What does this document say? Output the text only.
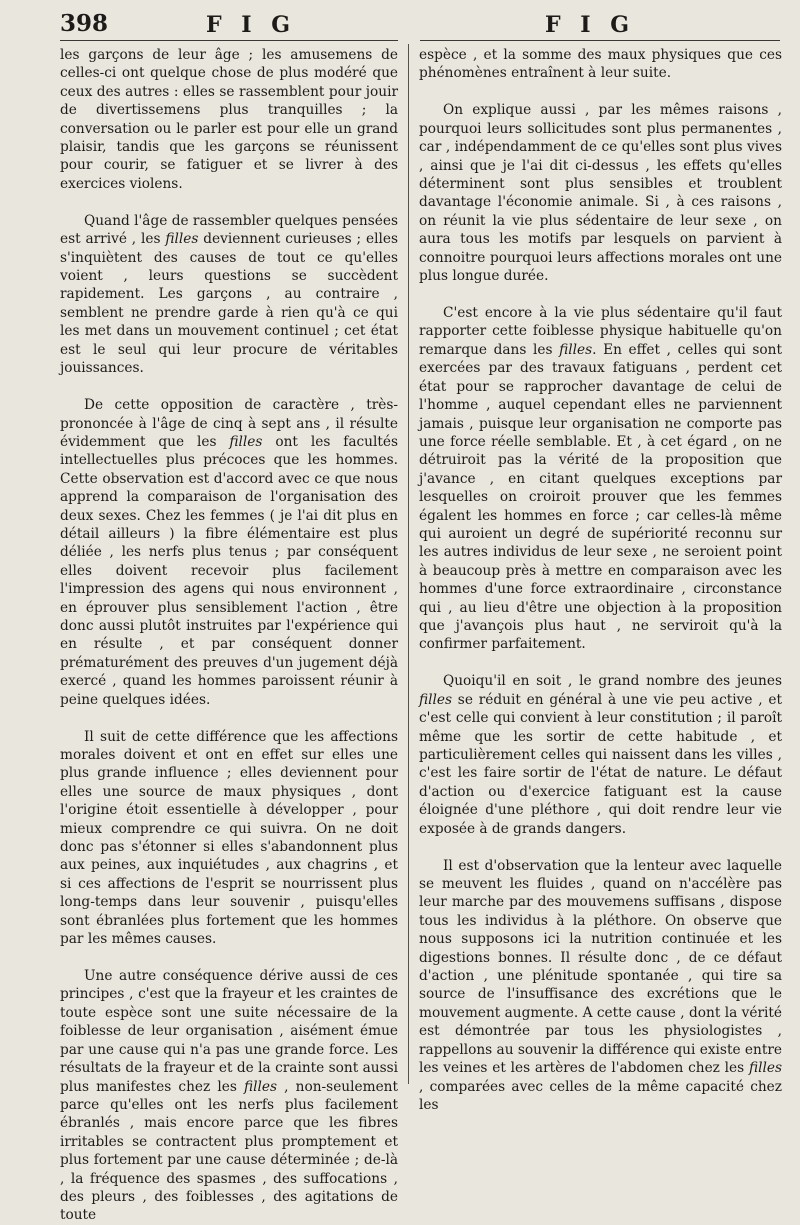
398	F I G	F I G

les garçons de leur âge ; les amusemens de celles-ci ont quelque chose de plus modéré que ceux des autres : elles se rassemblent pour jouir de divertissemens plus tranquilles ; la conversation ou le parler est pour elle un grand plaisir, tandis que les garçons se réunissent pour courir, se fatiguer et se livrer à des exercices violens.

Quand l'âge de rassembler quelques pensées est arrivé , les filles deviennent curieuses ; elles s'inquiètent des causes de tout ce qu'elles voient , leurs questions se succèdent rapidement. Les garçons , au contraire , semblent ne prendre garde à rien qu'à ce qui les met dans un mouvement continuel ; cet état est le seul qui leur procure de véritables jouissances.

De cette opposition de caractère , très-prononcée à l'âge de cinq à sept ans , il résulte évidemment que les filles ont les facultés intellectuelles plus précoces que les hommes. Cette observation est d'accord avec ce que nous apprend la comparaison de l'organisation des deux sexes. Chez les femmes ( je l'ai dit plus en détail ailleurs ) la fibre élémentaire est plus déliée , les nerfs plus tenus ; par conséquent elles doivent recevoir plus facilement l'impression des agens qui nous environnent , en éprouver plus sensiblement l'action , être donc aussi plutôt instruites par l'expérience qui en résulte , et par conséquent donner prématurément des preuves d'un jugement déjà exercé , quand les hommes paroissent réunir à peine quelques idées.

Il suit de cette différence que les affections morales doivent et ont en effet sur elles une plus grande influence ; elles deviennent pour elles une source de maux physiques , dont l'origine étoit essentielle à développer , pour mieux comprendre ce qui suivra. On ne doit donc pas s'étonner si elles s'abandonnent plus aux peines, aux inquiétudes , aux chagrins , et si ces affections de l'esprit se nourrissent plus long-temps dans leur souvenir , puisqu'elles sont ébranlées plus fortement que les hommes par les mêmes causes.

Une autre conséquence dérive aussi de ces principes , c'est que la frayeur et les craintes de toute espèce sont une suite nécessaire de la foiblesse de leur organisation , aisément émue par une cause qui n'a pas une grande force. Les résultats de la frayeur et de la crainte sont aussi plus manifestes chez les filles , non-seulement parce qu'elles ont les nerfs plus facilement ébranlés , mais encore parce que les fibres irritables se contractent plus promptement et plus fortement par une cause déterminée ; de-là , la fréquence des spasmes , des suffocations , des pleurs , des foiblesses , des agitations de toute

espèce , et la somme des maux physiques que ces phénomènes entraînent à leur suite.

On explique aussi , par les mêmes raisons , pourquoi leurs sollicitudes sont plus permanentes , car , indépendamment de ce qu'elles sont plus vives , ainsi que je l'ai dit ci-dessus , les effets qu'elles déterminent sont plus sensibles et troublent davantage l'économie animale. Si , à ces raisons , on réunit la vie plus sédentaire de leur sexe , on aura tous les motifs par lesquels on parvient à connoitre pourquoi leurs affections morales ont une plus longue durée.

C'est encore à la vie plus sédentaire qu'il faut rapporter cette foiblesse physique habituelle qu'on remarque dans les filles. En effet , celles qui sont exercées par des travaux fatiguans , perdent cet état pour se rapprocher davantage de celui de l'homme , auquel cependant elles ne parviennent jamais , puisque leur organisation ne comporte pas une force réelle semblable. Et , à cet égard , on ne détruiroit pas la vérité de la proposition que j'avance , en citant quelques exceptions par lesquelles on croiroit prouver que les femmes égalent les hommes en force ; car celles-là même qui auroient un degré de supériorité reconnu sur les autres individus de leur sexe , ne seroient point à beaucoup près à mettre en comparaison avec les hommes d'une force extraordinaire , circonstance qui , au lieu d'être une objection à la proposition que j'avançois plus haut , ne serviroit qu'à la confirmer parfaitement.

Quoiqu'il en soit , le grand nombre des jeunes filles se réduit en général à une vie peu active , et c'est celle qui convient à leur constitution ; il paroît même que les sortir de cette habitude , et particulièrement celles qui naissent dans les villes , c'est les faire sortir de l'état de nature. Le défaut d'action ou d'exercice fatiguant est la cause éloignée d'une pléthore , qui doit rendre leur vie exposée à de grands dangers.

Il est d'observation que la lenteur avec laquelle se meuvent les fluides , quand on n'accélère pas leur marche par des mouvemens suffisans , dispose tous les individus à la pléthore. On observe que nous supposons ici la nutrition continuée et les digestions bonnes. Il résulte donc , de ce défaut d'action , une plénitude spontanée , qui tire sa source de l'insuffisance des excrétions que le mouvement augmente. A cette cause , dont la vérité est démontrée par tous les physiologistes , rappellons au souvenir la différence qui existe entre les veines et les artères de l'abdomen chez les filles , comparées avec celles de la même capacité chez les
